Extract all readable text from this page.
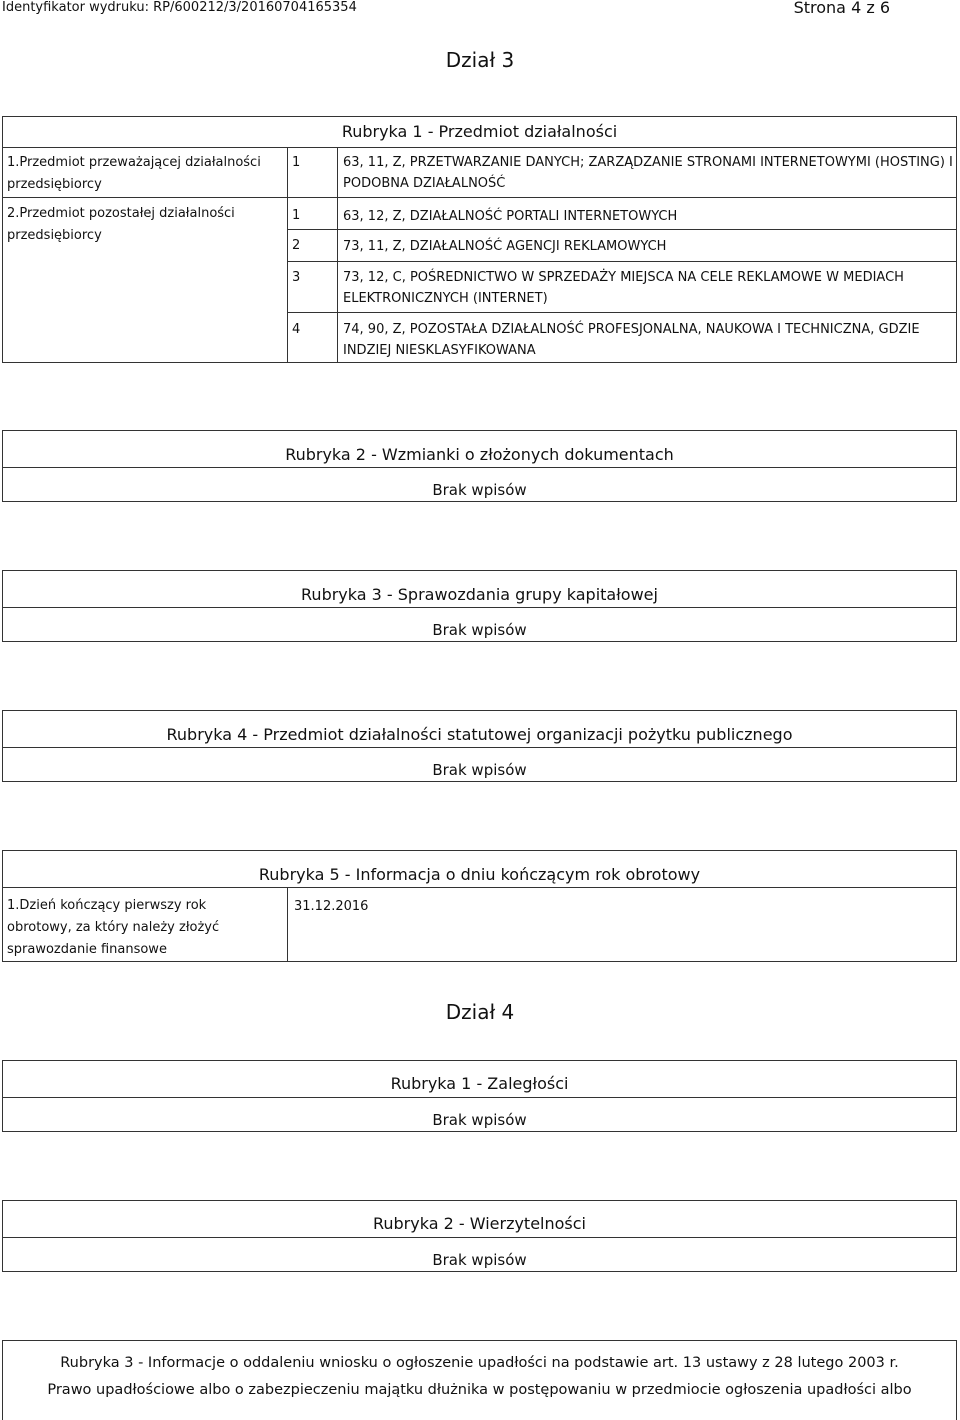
Identyfikator wydruku: RP/600212/3/20160704165354	Strona 4 z 6
Dział 3
Rubryka 1 - Przedmiot działalności
1.Przedmiot przeważającej działalności przedsiębiorcy
1	63, 11, Z, PRZETWARZANIE DANYCH; ZARZĄDZANIE STRONAMI INTERNETOWYMI (HOSTING) I PODOBNA DZIAŁALNOŚĆ
2.Przedmiot pozostałej działalności przedsiębiorcy
1	63, 12, Z, DZIAŁALNOŚĆ PORTALI INTERNETOWYCH
2	73, 11, Z, DZIAŁALNOŚĆ AGENCJI REKLAMOWYCH
3	73, 12, C, POŚREDNICTWO W SPRZEDAŻY MIEJSCA NA CELE REKLAMOWE W MEDIACH ELEKTRONICZNYCH (INTERNET)
4	74, 90, Z, POZOSTAŁA DZIAŁALNOŚĆ PROFESJONALNA, NAUKOWA I TECHNICZNA, GDZIE INDZIEJ NIESKLASYFIKOWANA
Rubryka 2 - Wzmianki o złożonych dokumentach
Brak wpisów
Rubryka 3 - Sprawozdania grupy kapitałowej
Brak wpisów
Rubryka 4 - Przedmiot działalności statutowej organizacji pożytku publicznego
Brak wpisów
Rubryka 5 - Informacja o dniu kończącym rok obrotowy
1.Dzień kończący pierwszy rok obrotowy, za który należy złożyć sprawozdanie finansowe
31.12.2016
Dział 4
Rubryka 1 - Zaległości
Brak wpisów
Rubryka 2 - Wierzytelności
Brak wpisów
Rubryka 3 - Informacje o oddaleniu wniosku o ogłoszenie upadłości na podstawie art. 13 ustawy z 28 lutego 2003 r.
Prawo upadłościowe albo o zabezpieczeniu majątku dłużnika w postępowaniu w przedmiocie ogłoszenia upadłości albo
